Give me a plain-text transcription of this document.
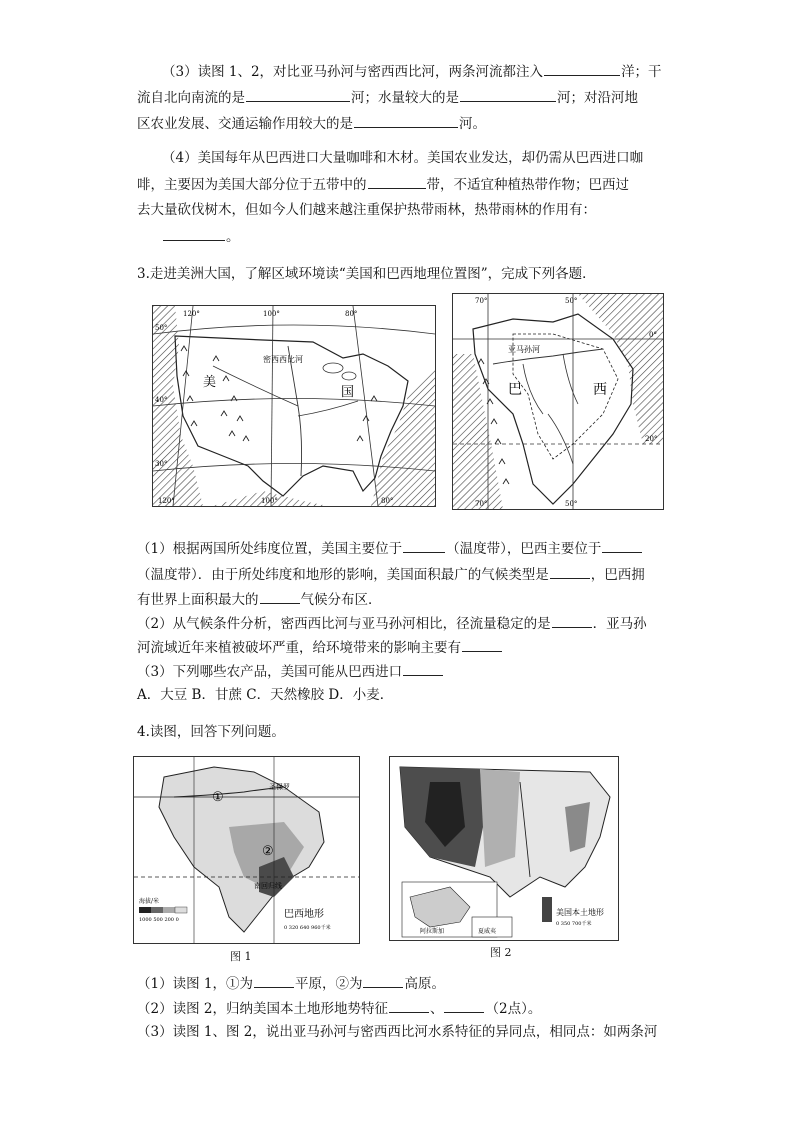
（3）读图 1、2，对比亚马孙河与密西西比河，两条河流都注入	洋；干
流自北向南流的是	河；水量较大的是	河；对沿河地
区农业发展、交通运输作用较大的是	河。
（4）美国每年从巴西进口大量咖啡和木材。美国农业发达，却仍需从巴西进口咖
啡，主要因为美国大部分位于五带中的	带，不适宜种植热带作物；巴西过
去大量砍伐树木，但如今人们越来越注重保护热带雨林，热带雨林的作用有：
。
3.走进美洲大国，了解区域环境读“美国和巴西地理位置图”，完成下列各题．
美
国
密西西比河
50°
40°
30°
120°	100°	80°
120°	100°	80°
巴	西
亚马孙河
70°	50°
70°	50°
0°
20°
（1）根据两国所处纬度位置，美国主要位于	（温度带），巴西主要位于
（温度带）．由于所处纬度和地形的影响，美国面积最广的气候类型是	，巴西拥
有世界上面积最大的	气候分布区．
（2）从气候条件分析，密西西比河与亚马孙河相比，径流量稳定的是	．亚马孙
河流域近年来植被破坏严重，给环境带来的影响主要有
（3）下列哪些农产品，美国可能从巴西进口
A．大豆 B．甘蔗 C．天然橡胶 D．小麦．
4.读图，回答下列问题。
①
②
圣保罗
南回归线
海拔/米
1000 500 200 0	巴西地形
0 320 640 960千米
图 1
阿拉斯加	夏威夷
美国本土地形
0 350 700千米
图 2
（1）读图 1，①为	平原，②为	高原。
（2）读图 2，归纳美国本土地形地势特征	、	（2点）。
（3）读图 1、图 2，说出亚马孙河与密西西比河水系特征的异同点，相同点：如两条河
